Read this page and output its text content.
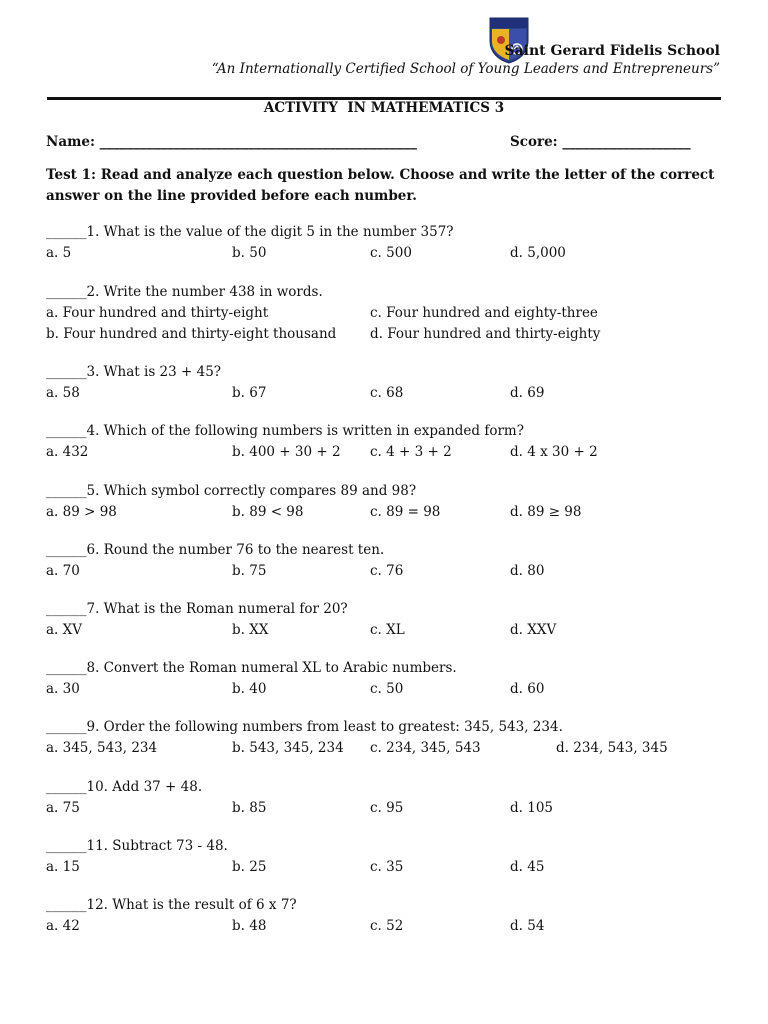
Saint Gerard Fidelis School
“An Internationally Certified School of Young Leaders and Entrepreneurs”
ACTIVITY  IN MATHEMATICS 3
Name: _______________________________________________	Score: ___________________
Test 1: Read and analyze each question below. Choose and write the letter of the correct answer on the line provided before each number.
______1. What is the value of the digit 5 in the number 357?
a. 5	b. 50	c. 500	d. 5,000
______2. Write the number 438 in words.
a. Four hundred and thirty-eight
b. Four hundred and thirty-eight thousand
c. Four hundred and eighty-three
d. Four hundred and thirty-eighty
______3. What is 23 + 45?
a. 58	b. 67	c. 68	d. 69
______4. Which of the following numbers is written in expanded form?
a. 432	b. 400 + 30 + 2 c. 4 + 3 + 2	d. 4 x 30 + 2
______5. Which symbol correctly compares 89 and 98?
a. 89 > 98	b. 89 < 98	c. 89 = 98	d. 89 ≥ 98
______6. Round the number 76 to the nearest ten.
a. 70	b. 75	c. 76	d. 80
______7. What is the Roman numeral for 20?
a. XV	b. XX	c. XL	d. XXV
______8. Convert the Roman numeral XL to Arabic numbers.
a. 30	b. 40	c. 50	d. 60
______9. Order the following numbers from least to greatest: 345, 543, 234.
a. 345, 543, 234	b. 543, 345, 234 c. 234, 345, 543	d. 234, 543, 345
______10. Add 37 + 48.
a. 75	b. 85	c. 95	d. 105
______11. Subtract 73 - 48.
a. 15	b. 25	c. 35	d. 45
______12. What is the result of 6 x 7?
a. 42	b. 48	c. 52	d. 54
